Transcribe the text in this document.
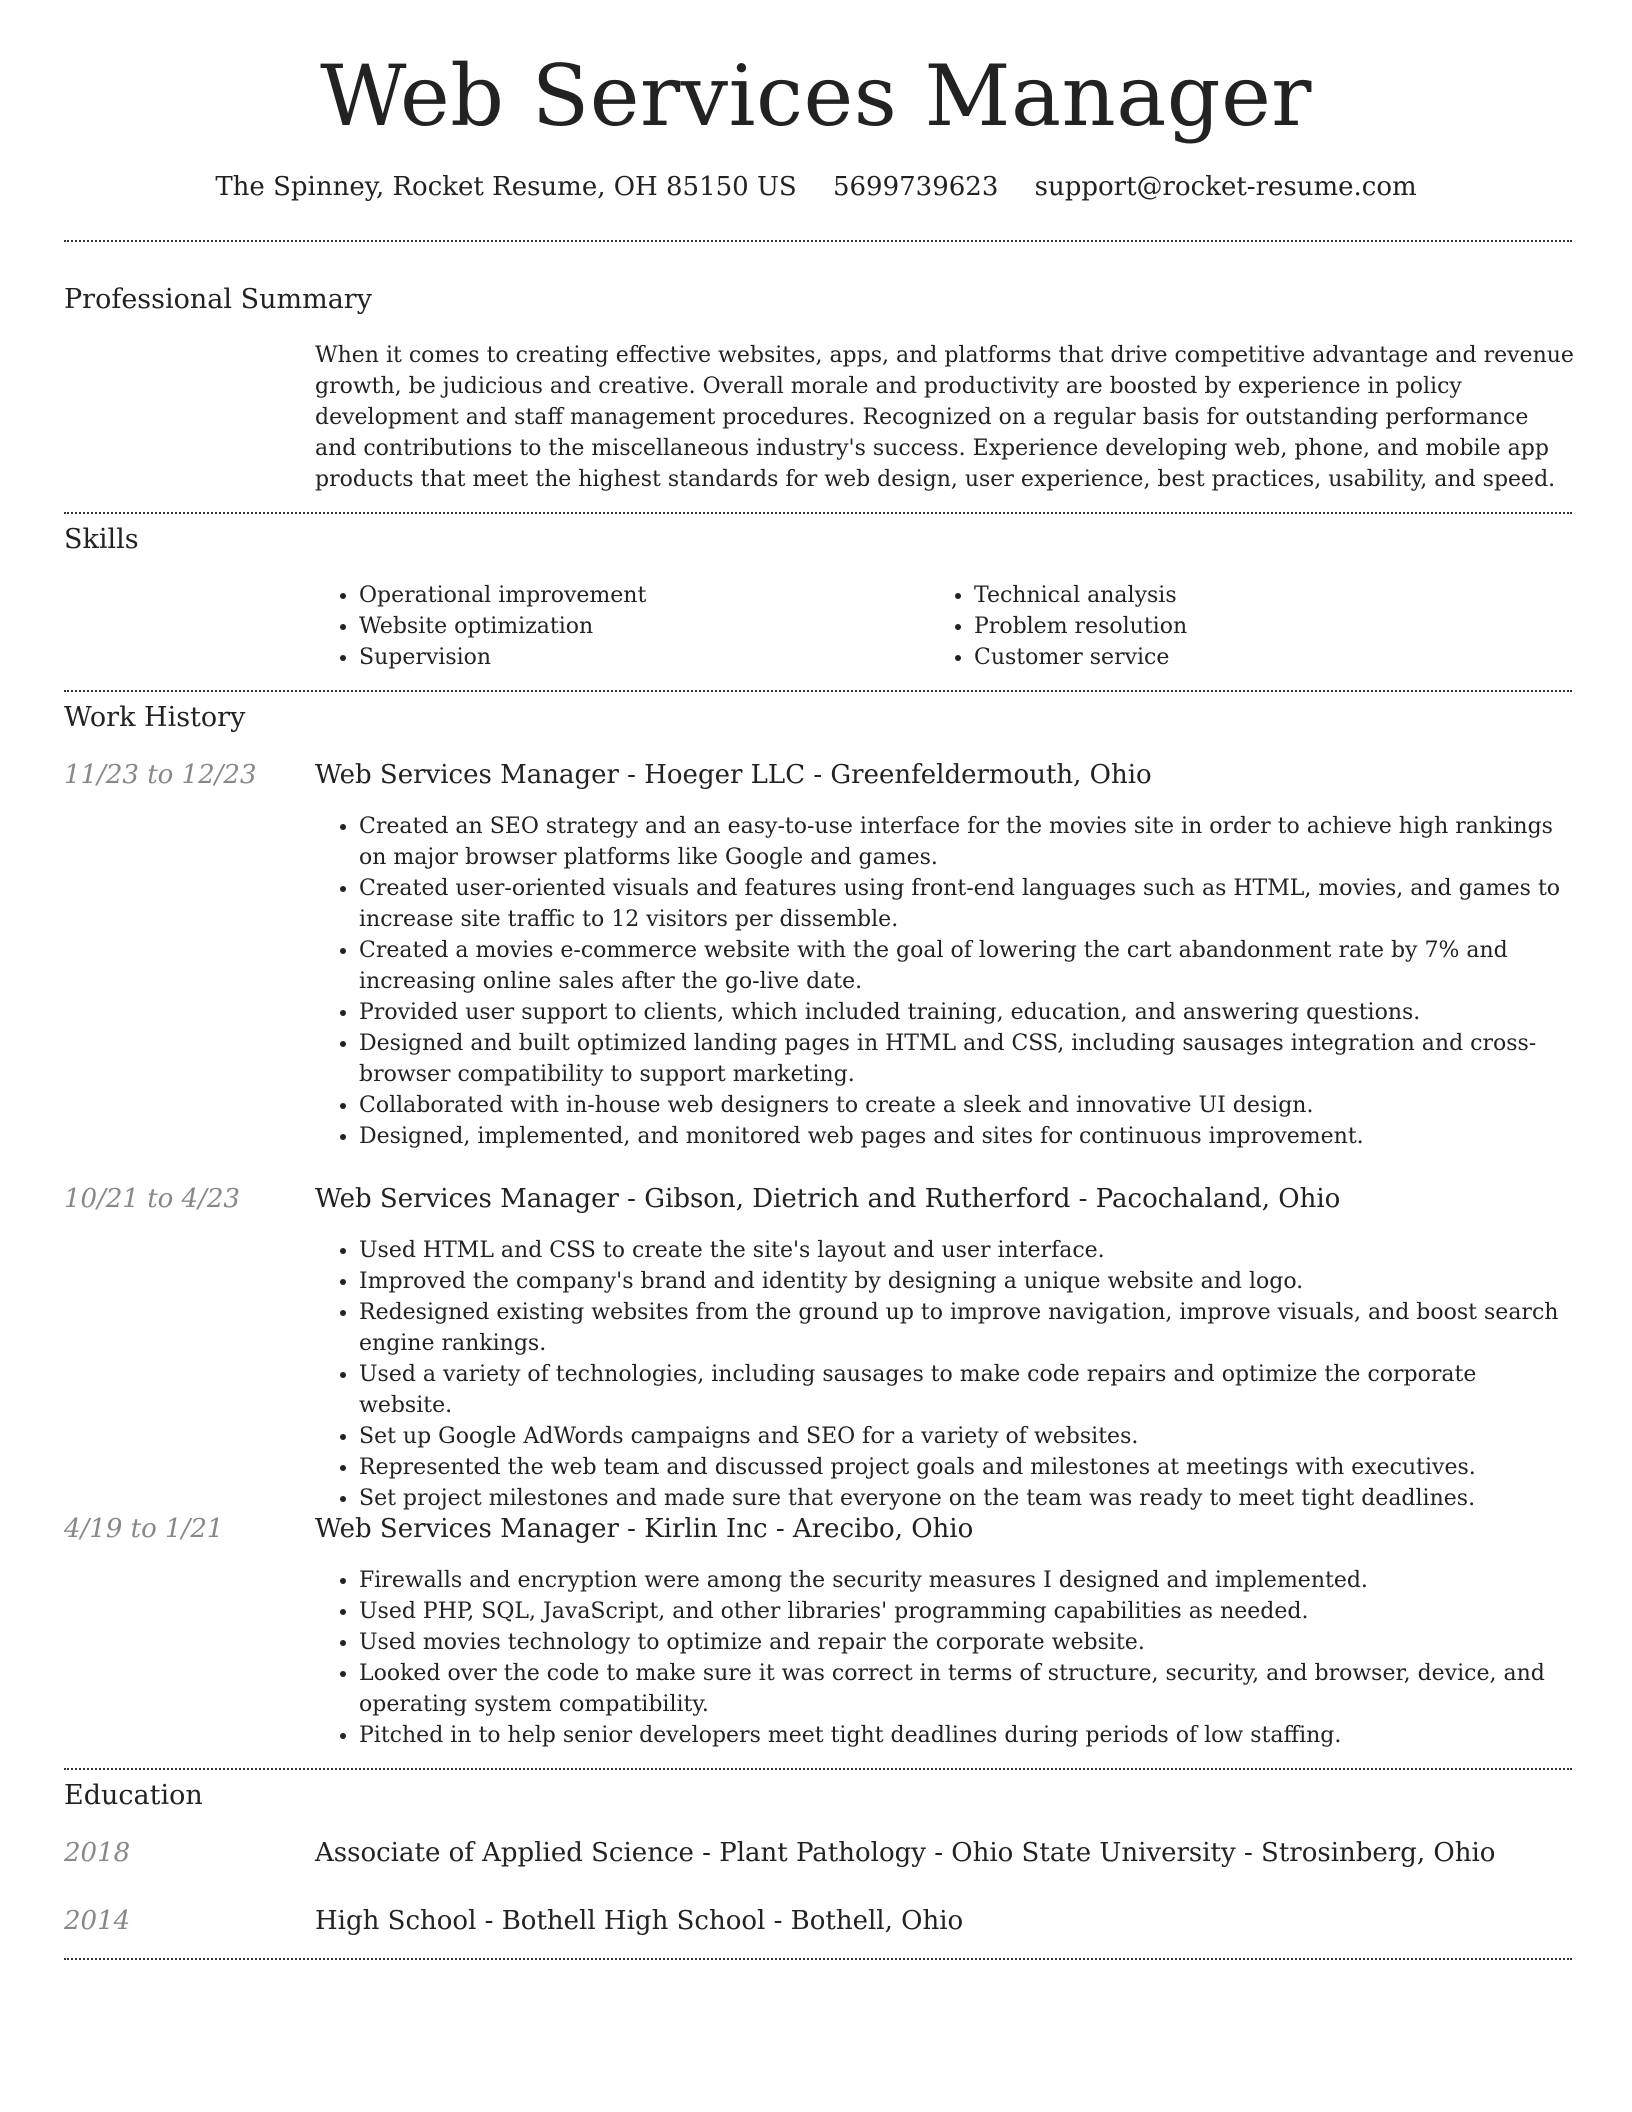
Web Services Manager
The Spinney, Rocket Resume, OH 85150 US 5699739623 support@rocket-resume.com
Professional Summary
When it comes to creating effective websites, apps, and platforms that drive competitive advantage and revenue growth, be judicious and creative. Overall morale and productivity are boosted by experience in policy development and staff management procedures. Recognized on a regular basis for outstanding performance and contributions to the miscellaneous industry's success. Experience developing web, phone, and mobile app products that meet the highest standards for web design, user experience, best practices, usability, and speed.
Skills
• Operational improvement
• Website optimization
• Supervision
• Technical analysis
• Problem resolution
• Customer service
Work History
11/23 to 12/23 Web Services Manager - Hoeger LLC - Greenfeldermouth, Ohio
• Created an SEO strategy and an easy-to-use interface for the movies site in order to achieve high rankings on major browser platforms like Google and games.
• Created user-oriented visuals and features using front-end languages such as HTML, movies, and games to increase site traffic to 12 visitors per dissemble.
• Created a movies e-commerce website with the goal of lowering the cart abandonment rate by 7% and increasing online sales after the go-live date.
• Provided user support to clients, which included training, education, and answering questions.
• Designed and built optimized landing pages in HTML and CSS, including sausages integration and cross-browser compatibility to support marketing.
• Collaborated with in-house web designers to create a sleek and innovative UI design.
• Designed, implemented, and monitored web pages and sites for continuous improvement.
10/21 to 4/23	Web Services Manager - Gibson, Dietrich and Rutherford - Pacochaland, Ohio
• Used HTML and CSS to create the site's layout and user interface.
• Improved the company's brand and identity by designing a unique website and logo.
• Redesigned existing websites from the ground up to improve navigation, improve visuals, and boost search engine rankings.
• Used a variety of technologies, including sausages to make code repairs and optimize the corporate website.
• Set up Google AdWords campaigns and SEO for a variety of websites.
• Represented the web team and discussed project goals and milestones at meetings with executives.
• Set project milestones and made sure that everyone on the team was ready to meet tight deadlines.
4/19 to 1/21	Web Services Manager - Kirlin Inc - Arecibo, Ohio
• Firewalls and encryption were among the security measures I designed and implemented.
• Used PHP, SQL, JavaScript, and other libraries' programming capabilities as needed.
• Used movies technology to optimize and repair the corporate website.
• Looked over the code to make sure it was correct in terms of structure, security, and browser, device, and operating system compatibility.
• Pitched in to help senior developers meet tight deadlines during periods of low staffing.
Education
2018	Associate of Applied Science - Plant Pathology - Ohio State University - Strosinberg, Ohio
2014	High School - Bothell High School - Bothell, Ohio
